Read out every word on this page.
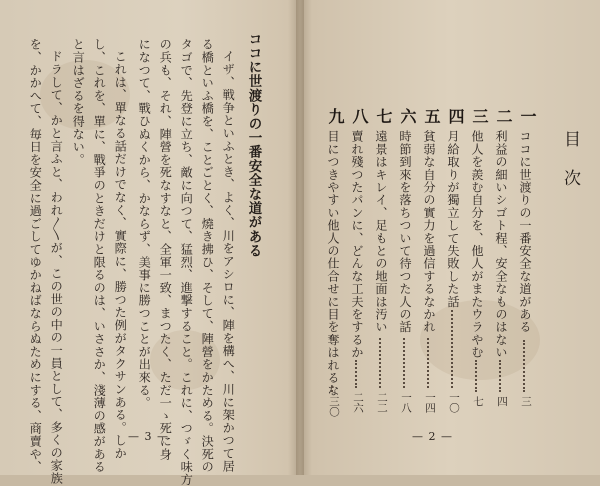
ココに世渡りの一番安全な道がある
イザ、戦争といふとき、よく、川をアシロに、陣を構へ、川に架かつて居
る橋といふ橋を、ことごとく、燒き拂ひ、そして、陣營をかためる。決死の
タゴで、先登に立ち、敵に向つて、猛烈、進撃すること。これに、つゞく味方
の兵も、それ、陣營を死なすなと、全軍一致、まつたく、ただ一ゝ死に身
になつて、戰ひぬくから、かならず、美事に勝つことが出來る。
これは、單なる話だけでなく、實際に、勝つた例がタクサンある。しか
し、これを、單に、戰爭のときだけと限るのは、いささか、淺薄の感がある
と言はざるを得ない。
ドラして、かと言ふと、われ〳〵が、この世の中の一員として、多くの家族
を、かかへて、毎日を安全に過ごしてゆかねばならぬためにする、商賣や、	— 3 —
目次
一
ココに世渡りの一番安全な道がある
三
二
利益の細いシゴト程、安全なものはない
四
三
他人を羨む自分を、他人がまたウラやむ
七
四
月給取りが獨立して失敗した話
一〇
五
貧弱な自分の實力を過信するなかれ
一四
六
時節到來を落ちついて待つた人の話
一八
七
遠景はキレイ、足もとの地面は汚い
二二
八
賣れ殘つたパンに、どんな工夫をするか
二六
九
目につきやすい他人の仕合せに目を奪はれるな
三〇
— 2 —
